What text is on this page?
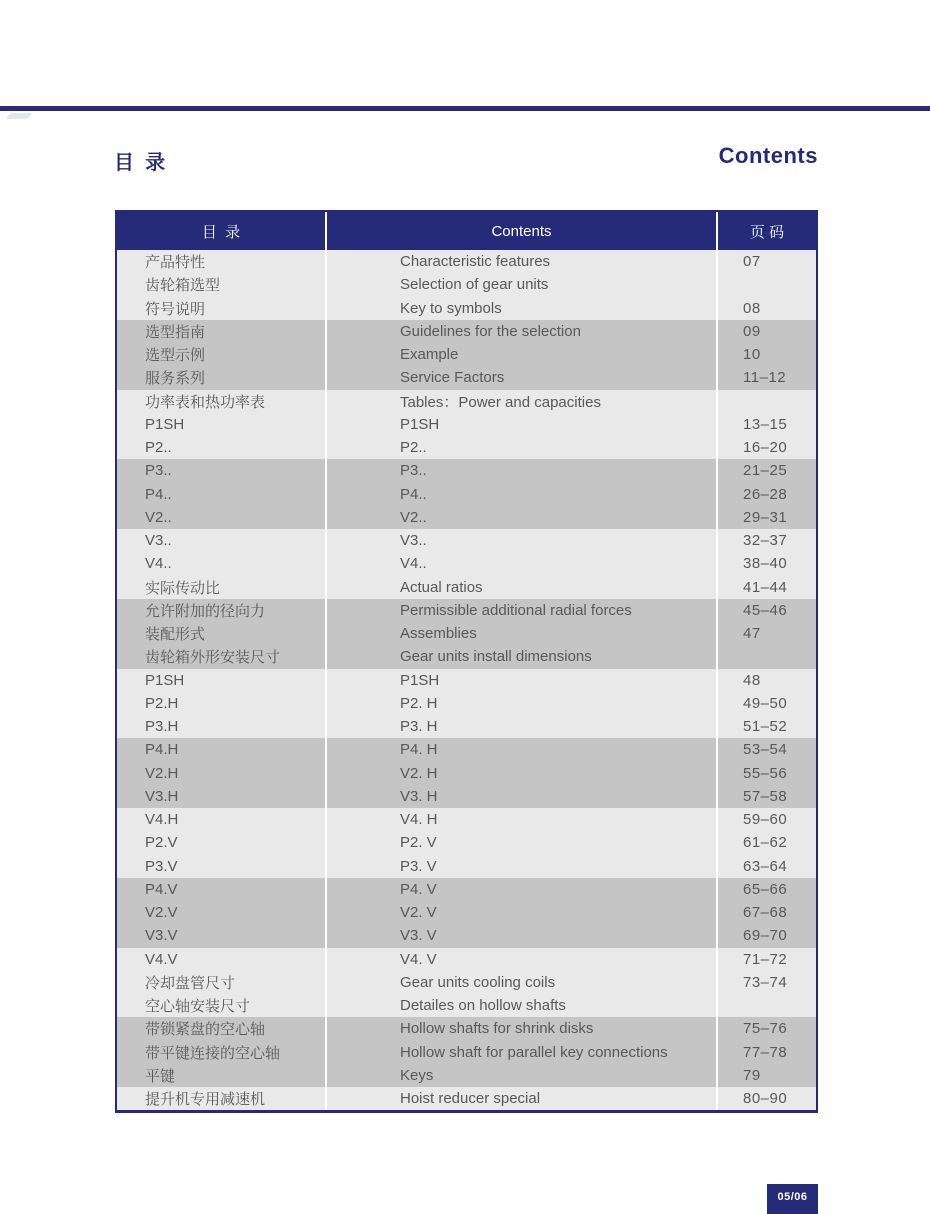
目  录	Contents
目  录	Contents	页 码
产品特性	Characteristic features	07
齿轮箱选型	Selection of gear units
符号说明	Key to symbols	08
选型指南	Guidelines for the selection	09
选型示例	Example	10
服务系列	Service Factors	11–12
功率表和热功率表	Tables：Power and capacities
P1SH	P1SH	13–15
P2..	P2..	16–20
P3..	P3..	21–25
P4..	P4..	26–28
V2..	V2..	29–31
V3..	V3..	32–37
V4..	V4..	38–40
实际传动比	Actual ratios	41–44
允许附加的径向力	Permissible additional radial forces	45–46
装配形式	Assemblies	47
齿轮箱外形安装尺寸	Gear units install dimensions
P1SH	P1SH	48
P2.H	P2. H	49–50
P3.H	P3. H	51–52
P4.H	P4. H	53–54
V2.H	V2. H	55–56
V3.H	V3. H	57–58
V4.H	V4. H	59–60
P2.V	P2. V	61–62
P3.V	P3. V	63–64
P4.V	P4. V	65–66
V2.V	V2. V	67–68
V3.V	V3. V	69–70
V4.V	V4. V	71–72
冷却盘管尺寸	Gear units cooling coils	73–74
空心轴安装尺寸	Detailes on hollow shafts
带锁紧盘的空心轴	Hollow shafts for shrink disks	75–76
带平键连接的空心轴	Hollow shaft for parallel key connections	77–78
平键	Keys	79
提升机专用减速机	Hoist reducer special	80–90
05/06
